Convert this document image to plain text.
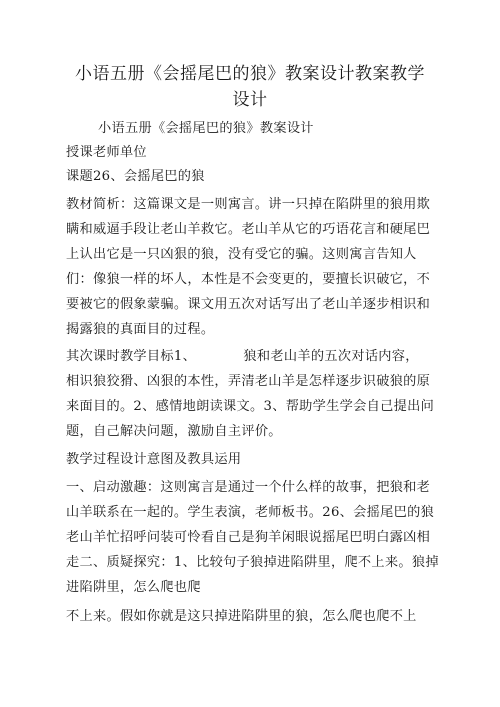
小语五册《会摇尾巴的狼》教案设计教案教学
设计
小语五册《会摇尾巴的狼》教案设计
授课老师单位
课题26、会摇尾巴的狼
教材简析：这篇课文是一则寓言。讲一只掉在陷阱里的狼用欺
瞒和威逼手段让老山羊救它。老山羊从它的巧语花言和硬尾巴
上认出它是一只凶狠的狼，没有受它的骗。这则寓言告知人
们：像狼一样的坏人，本性是不会变更的，要擅长识破它，不
要被它的假象蒙骗。课文用五次对话写出了老山羊逐步相识和
揭露狼的真面目的过程。
其次课时教学目标1、　　　　狼和老山羊的五次对话内容，
相识狼狡猾、凶狠的本性，弄清老山羊是怎样逐步识破狼的原
来面目的。2、感情地朗读课文。3、帮助学生学会自己提出问
题，自己解决问题，激励自主评价。
教学过程设计意图及教具运用
一、启动激趣：这则寓言是通过一个什么样的故事，把狼和老
山羊联系在一起的。学生表演，老师板书。26、会摇尾巴的狼
老山羊忙招呼问装可怜看自己是狗羊闲眼说摇尾巴明白露凶相
走二、质疑探究：1、比较句子狼掉进陷阱里，爬不上来。狼掉
进陷阱里，怎么爬也爬
不上来。假如你就是这只掉进陷阱里的狼，怎么爬也爬不上
